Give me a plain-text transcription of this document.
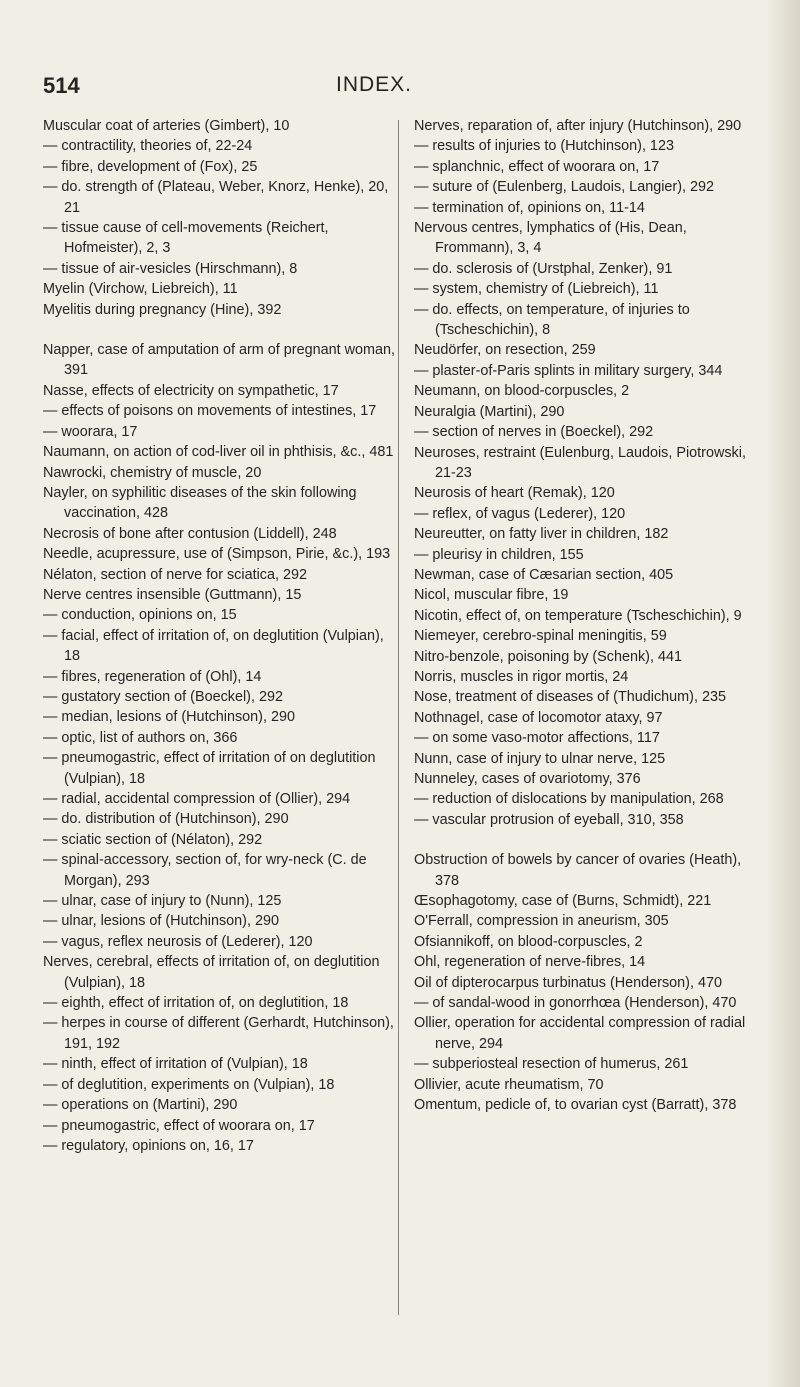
514	INDEX.

Muscular coat of arteries (Gimbert), 10

— contractility, theories of, 22-24

— fibre, development of (Fox), 25

— do. strength of (Plateau, Weber, Knorz, Henke), 20, 21

— tissue cause of cell-movements (Reichert, Hofmeister), 2, 3

— tissue of air-vesicles (Hirschmann), 8

Myelin (Virchow, Liebreich), 11

Myelitis during pregnancy (Hine), 392

Napper, case of amputation of arm of pregnant woman, 391

Nasse, effects of electricity on sympathetic, 17

— effects of poisons on movements of intestines, 17

— woorara, 17

Naumann, on action of cod-liver oil in phthisis, &c., 481

Nawrocki, chemistry of muscle, 20

Nayler, on syphilitic diseases of the skin following vaccination, 428

Necrosis of bone after contusion (Liddell), 248

Needle, acupressure, use of (Simpson, Pirie, &c.), 193

Nélaton, section of nerve for sciatica, 292

Nerve centres insensible (Guttmann), 15

— conduction, opinions on, 15

— facial, effect of irritation of, on deglutition (Vulpian), 18

— fibres, regeneration of (Ohl), 14

— gustatory section of (Boeckel), 292

— median, lesions of (Hutchinson), 290

— optic, list of authors on, 366

— pneumogastric, effect of irritation of on deglutition (Vulpian), 18

— radial, accidental compression of (Ollier), 294

— do. distribution of (Hutchinson), 290

— sciatic section of (Nélaton), 292

— spinal-accessory, section of, for wry-neck (C. de Morgan), 293

— ulnar, case of injury to (Nunn), 125

— ulnar, lesions of (Hutchinson), 290

— vagus, reflex neurosis of (Lederer), 120

Nerves, cerebral, effects of irritation of, on deglutition (Vulpian), 18

— eighth, effect of irritation of, on deglutition, 18

— herpes in course of different (Gerhardt, Hutchinson), 191, 192

— ninth, effect of irritation of (Vulpian), 18

— of deglutition, experiments on (Vulpian), 18

— operations on (Martini), 290

— pneumogastric, effect of woorara on, 17

— regulatory, opinions on, 16, 17

Nerves, reparation of, after injury (Hutchinson), 290

— results of injuries to (Hutchinson), 123

— splanchnic, effect of woorara on, 17

— suture of (Eulenberg, Laudois, Langier), 292

— termination of, opinions on, 11-14

Nervous centres, lymphatics of (His, Dean, Frommann), 3, 4

— do. sclerosis of (Urstphal, Zenker), 91

— system, chemistry of (Liebreich), 11

— do. effects, on temperature, of injuries to (Tscheschichin), 8

Neudörfer, on resection, 259

— plaster-of-Paris splints in military surgery, 344

Neumann, on blood-corpuscles, 2

Neuralgia (Martini), 290

— section of nerves in (Boeckel), 292

Neuroses, restraint (Eulenburg, Laudois, Piotrowski, 21-23

Neurosis of heart (Remak), 120

— reflex, of vagus (Lederer), 120

Neureutter, on fatty liver in children, 182

— pleurisy in children, 155

Newman, case of Cæsarian section, 405

Nicol, muscular fibre, 19

Nicotin, effect of, on temperature (Tscheschichin), 9

Niemeyer, cerebro-spinal meningitis, 59

Nitro-benzole, poisoning by (Schenk), 441

Norris, muscles in rigor mortis, 24

Nose, treatment of diseases of (Thudichum), 235

Nothnagel, case of locomotor ataxy, 97

— on some vaso-motor affections, 117

Nunn, case of injury to ulnar nerve, 125

Nunneley, cases of ovariotomy, 376

— reduction of dislocations by manipulation, 268

— vascular protrusion of eyeball, 310, 358

Obstruction of bowels by cancer of ovaries (Heath), 378

Œsophagotomy, case of (Burns, Schmidt), 221

O'Ferrall, compression in aneurism, 305

Ofsiannikoff, on blood-corpuscles, 2

Ohl, regeneration of nerve-fibres, 14

Oil of dipterocarpus turbinatus (Henderson), 470

— of sandal-wood in gonorrhœa (Henderson), 470

Ollier, operation for accidental compression of radial nerve, 294

— subperiosteal resection of humerus, 261

Ollivier, acute rheumatism, 70

Omentum, pedicle of, to ovarian cyst (Barratt), 378
